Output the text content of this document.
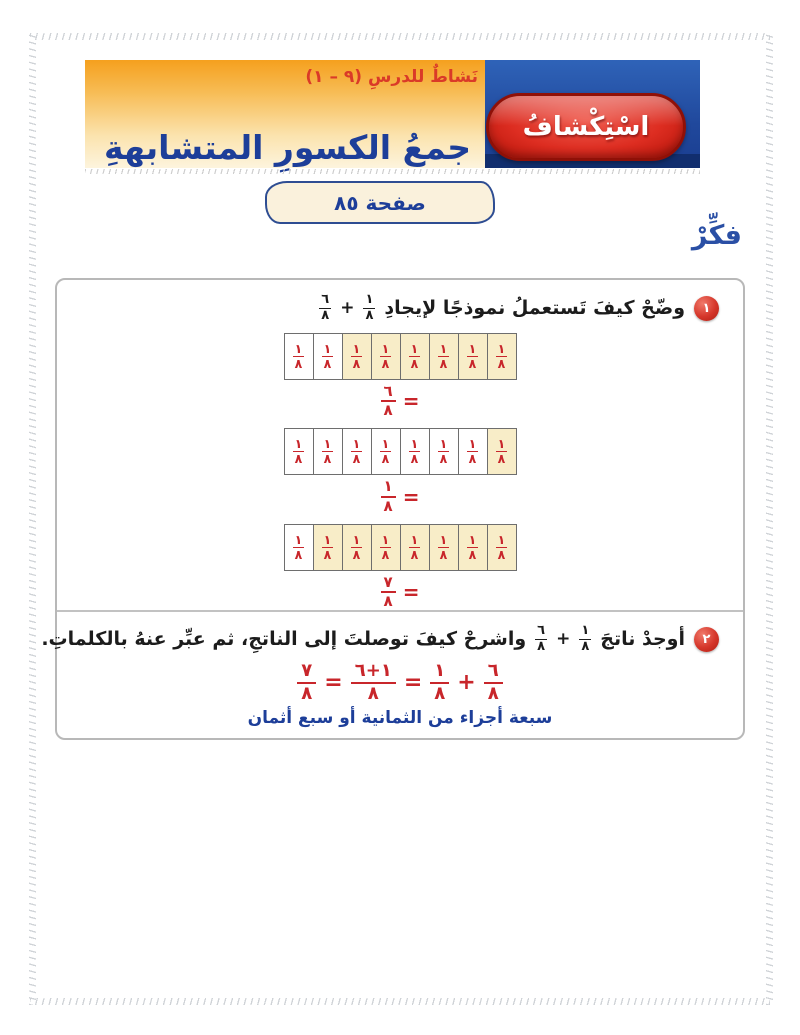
نَشاطٌ للدرسِ (٩ – ١)
جمعُ الكسورِ المتشابهةِ
اسْتِكْشافُ
صفحة ٨٥
فكِّرْ
١
وضّحْ كيفَ تَستعملُ نموذجًا لإيجادِ
$\frac{١}{٨}$
+
$\frac{٦}{٨}$
$\frac{١}{٨} \frac{١}{٨} \frac{١}{٨} \frac{١}{٨} \frac{١}{٨} \frac{١}{٨} \frac{١}{٨} \frac{١}{٨}$
$\frac{٦}{٨}$ =
$\frac{١}{٨} \frac{١}{٨} \frac{١}{٨} \frac{١}{٨} \frac{١}{٨} \frac{١}{٨} \frac{١}{٨} \frac{١}{٨}$
$\frac{١}{٨}$ =
$\frac{١}{٨} \frac{١}{٨} \frac{١}{٨} \frac{١}{٨} \frac{١}{٨} \frac{١}{٨} \frac{١}{٨} \frac{١}{٨}$
$\frac{٧}{٨}$ =
٢
أوجدْ ناتجَ
$\frac{١}{٨}$
+
$\frac{٦}{٨}$
واشرحْ كيفَ توصلتَ إلى الناتجِ، ثم عبِّر عنهُ بالكلماتِ.
$\frac{٧}{٨} = \frac{١+٦}{٨} = \frac{١}{٨} + \frac{٦}{٨}$
سبعة أجزاء من الثمانية أو سبع أثمان
